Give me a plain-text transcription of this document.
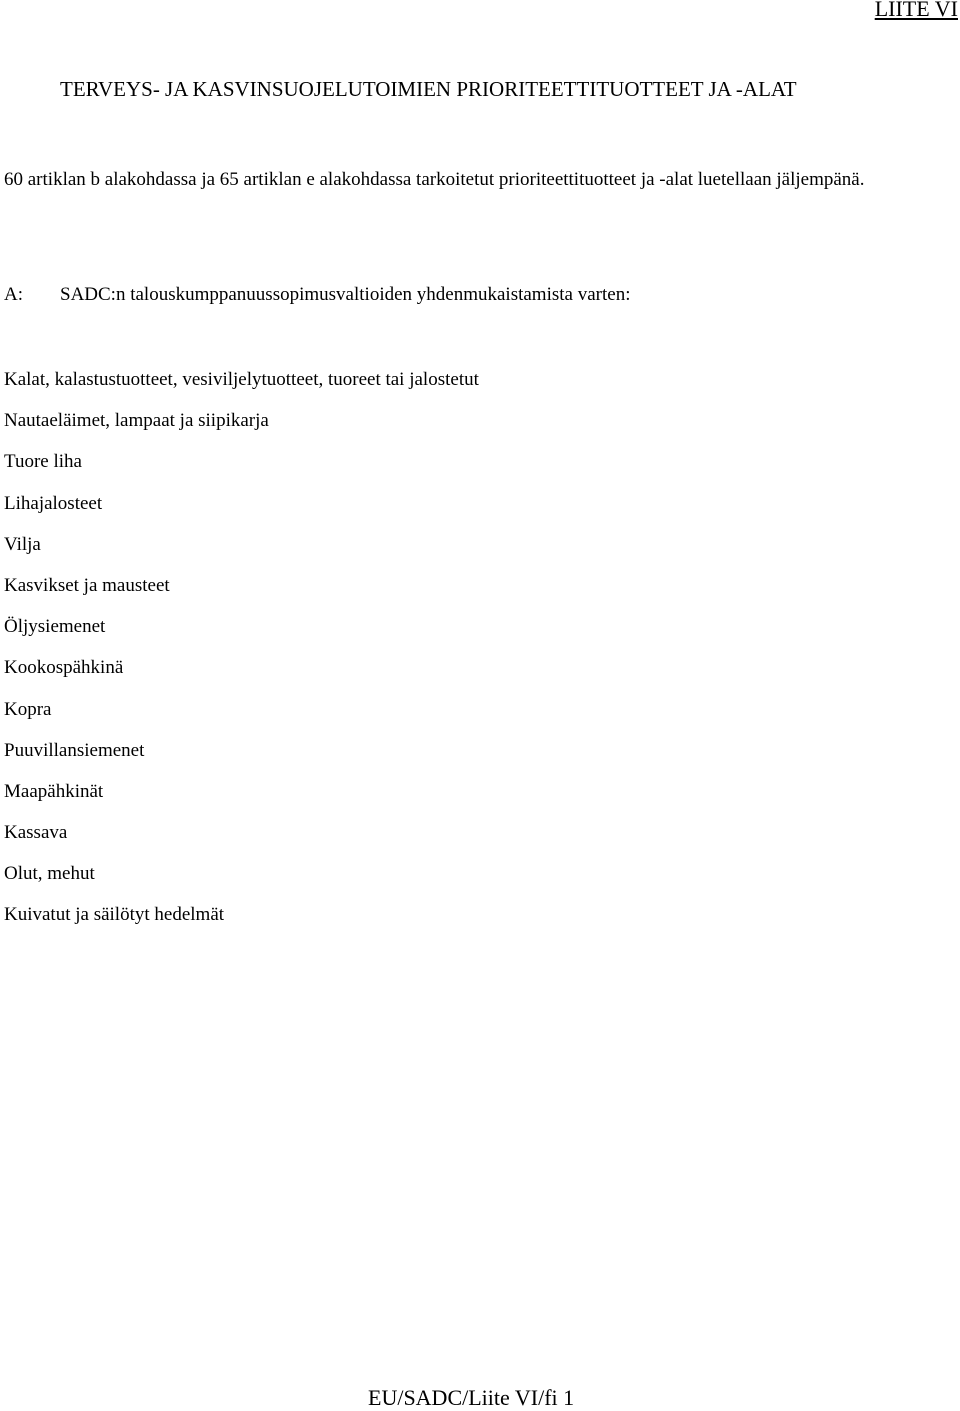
LIITE VI
TERVEYS- JA KASVINSUOJELUTOIMIEN PRIORITEETTITUOTTEET JA -ALAT

60 artiklan b alakohdassa ja 65 artiklan e alakohdassa tarkoitetut prioriteettituotteet ja -alat luetellaan jäljempänä.

A: SADC:n talouskumppanuussopimusvaltioiden yhdenmukaistamista varten:
Kalat, kalastustuotteet, vesiviljelytuotteet, tuoreet tai jalostetut
Nautaeläimet, lampaat ja siipikarja
Tuore liha
Lihajalosteet
Vilja
Kasvikset ja mausteet
Öljysiemenet
Kookospähkinä
Kopra
Puuvillansiemenet
Maapähkinät
Kassava
Olut, mehut
Kuivatut ja säilötyt hedelmät
EU/SADC/Liite VI/fi 1
